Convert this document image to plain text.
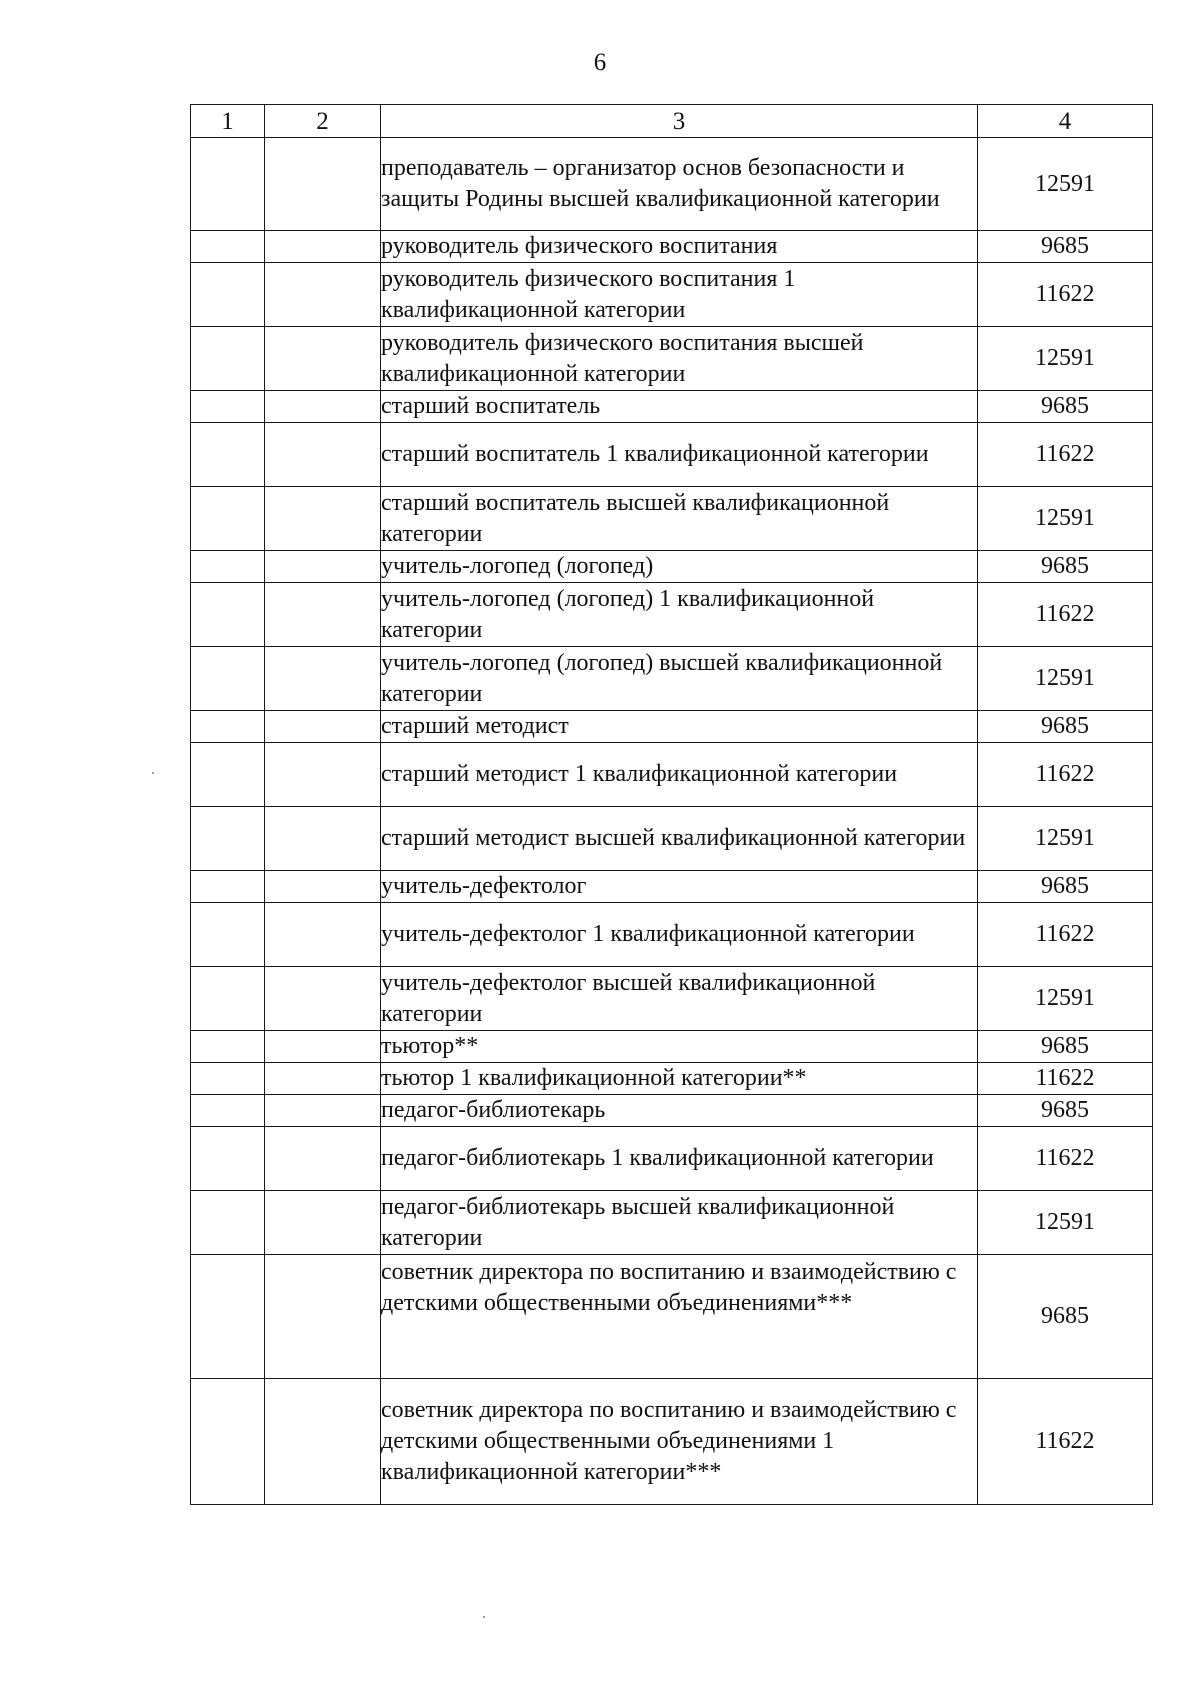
6
1	2	3	4
		преподаватель – организатор основ безопасности и защиты Родины высшей квалификационной категории	12591
		руководитель физического воспитания	9685
		руководитель физического воспитания 1 квалификационной категории	11622
		руководитель физического воспитания высшей квалификационной категории	12591
		старший воспитатель	9685
		старший воспитатель 1 квалификационной категории	11622
		старший воспитатель высшей квалификационной категории	12591
		учитель-логопед (логопед)	9685
		учитель-логопед (логопед) 1 квалификационной категории	11622
		учитель-логопед (логопед) высшей квалификационной категории	12591
		старший методист	9685
		старший методист 1 квалификационной категории	11622
		старший методист высшей квалификационной категории	12591
		учитель-дефектолог	9685
		учитель-дефектолог 1 квалификационной категории	11622
		учитель-дефектолог высшей квалификационной категории	12591
		тьютор**	9685
		тьютор 1 квалификационной категории**	11622
		педагог-библиотекарь	9685
		педагог-библиотекарь 1 квалификационной категории	11622
		педагог-библиотекарь высшей квалификационной категории	12591
		советник директора по воспитанию и взаимодействию с детскими общественными объединениями***	9685
		советник директора по воспитанию и взаимодействию с детскими общественными объединениями 1 квалификационной категории***	11622
